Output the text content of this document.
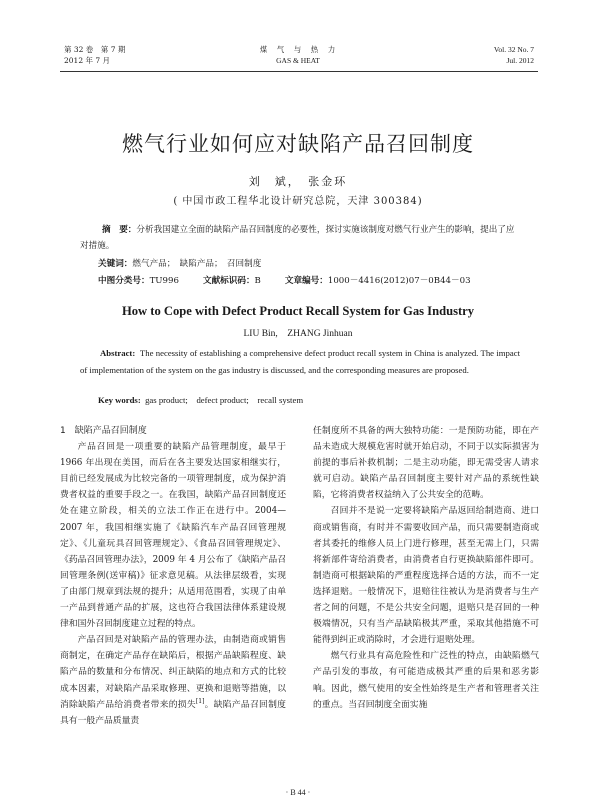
第 32 卷　第 7 期
2012 年 7 月
煤　气　与　热　力
GAS & HEAT
Vol. 32 No. 7
Jul. 2012
燃气行业如何应对缺陷产品召回制度
刘　斌，　张金环
( 中国市政工程华北设计研究总院，天津 300384)
摘　要：分析我国建立全面的缺陷产品召回制度的必要性，探讨实施该制度对燃气行业产生的影响，提出了应对措施。
关键词：燃气产品；　缺陷产品；　召回制度
中图分类号：TU996	文献标识码：B	文章编号：1000－4416(2012)07－0B44－03
How to Cope with Defect Product Recall System for Gas Industry
LIU Bin,　ZHANG Jinhuan
Abstract: The necessity of establishing a comprehensive defect product recall system in China is analyzed. The impact of implementation of the system on the gas industry is discussed, and the corresponding measures are proposed.
Key words: gas product;　defect product;　recall system
1　缺陷产品召回制度

产品召回是一项重要的缺陷产品管理制度，最早于 1966 年出现在美国，而后在各主要发达国家相继实行，目前已经发展成为比较完备的一项管理制度，成为保护消费者权益的重要手段之一。在我国，缺陷产品召回制度还处在建立阶段，相关的立法工作正在进行中。2004—2007 年，我国相继实施了《缺陷汽车产品召回管理规定》、《儿童玩具召回管理规定》、《食品召回管理规定》、《药品召回管理办法》，2009 年 4 月公布了《缺陷产品召回管理条例(送审稿)》征求意见稿。从法律层级看，实现了由部门规章到法规的提升；从适用范围看，实现了由单一产品到普通产品的扩展，这也符合我国法律体系建设规律和国外召回制度建立过程的特点。

产品召回是对缺陷产品的管理办法，由制造商或销售商制定，在确定产品存在缺陷后，根据产品缺陷程度、缺陷产品的数量和分布情况、纠正缺陷的地点和方式的比较成本因素，对缺陷产品采取修理、更换和退赔等措施，以消除缺陷产品给消费者带来的损失[1]。缺陷产品召回制度具有一般产品质量责

任制度所不具备的两大独特功能：一是预防功能，即在产品未造成大规模危害时就开始启动，不同于以实际损害为前提的事后补救机制；二是主动功能，即无需受害人请求就可启动。缺陷产品召回制度主要针对产品的系统性缺陷，它将消费者权益纳入了公共安全的范畴。

召回并不是说一定要将缺陷产品返回给制造商、进口商或销售商，有时并不需要收回产品，而只需要制造商或者其委托的维修人员上门进行修理，甚至无需上门，只需将新部件寄给消费者，由消费者自行更换缺陷部件即可。制造商可根据缺陷的严重程度选择合适的方法，而不一定选择退赔。一般情况下，退赔往往被认为是消费者与生产者之间的问题，不是公共安全问题，退赔只是召回的一种极端情况，只有当产品缺陷极其严重，采取其他措施不可能得到纠正或消除时，才会进行退赔处理。

燃气行业具有高危险性和广泛性的特点，由缺陷燃气产品引发的事故，有可能造成极其严重的后果和恶劣影响。因此，燃气使用的安全性始终是生产者和管理者关注的重点。当召回制度全面实施

· B 44 ·
